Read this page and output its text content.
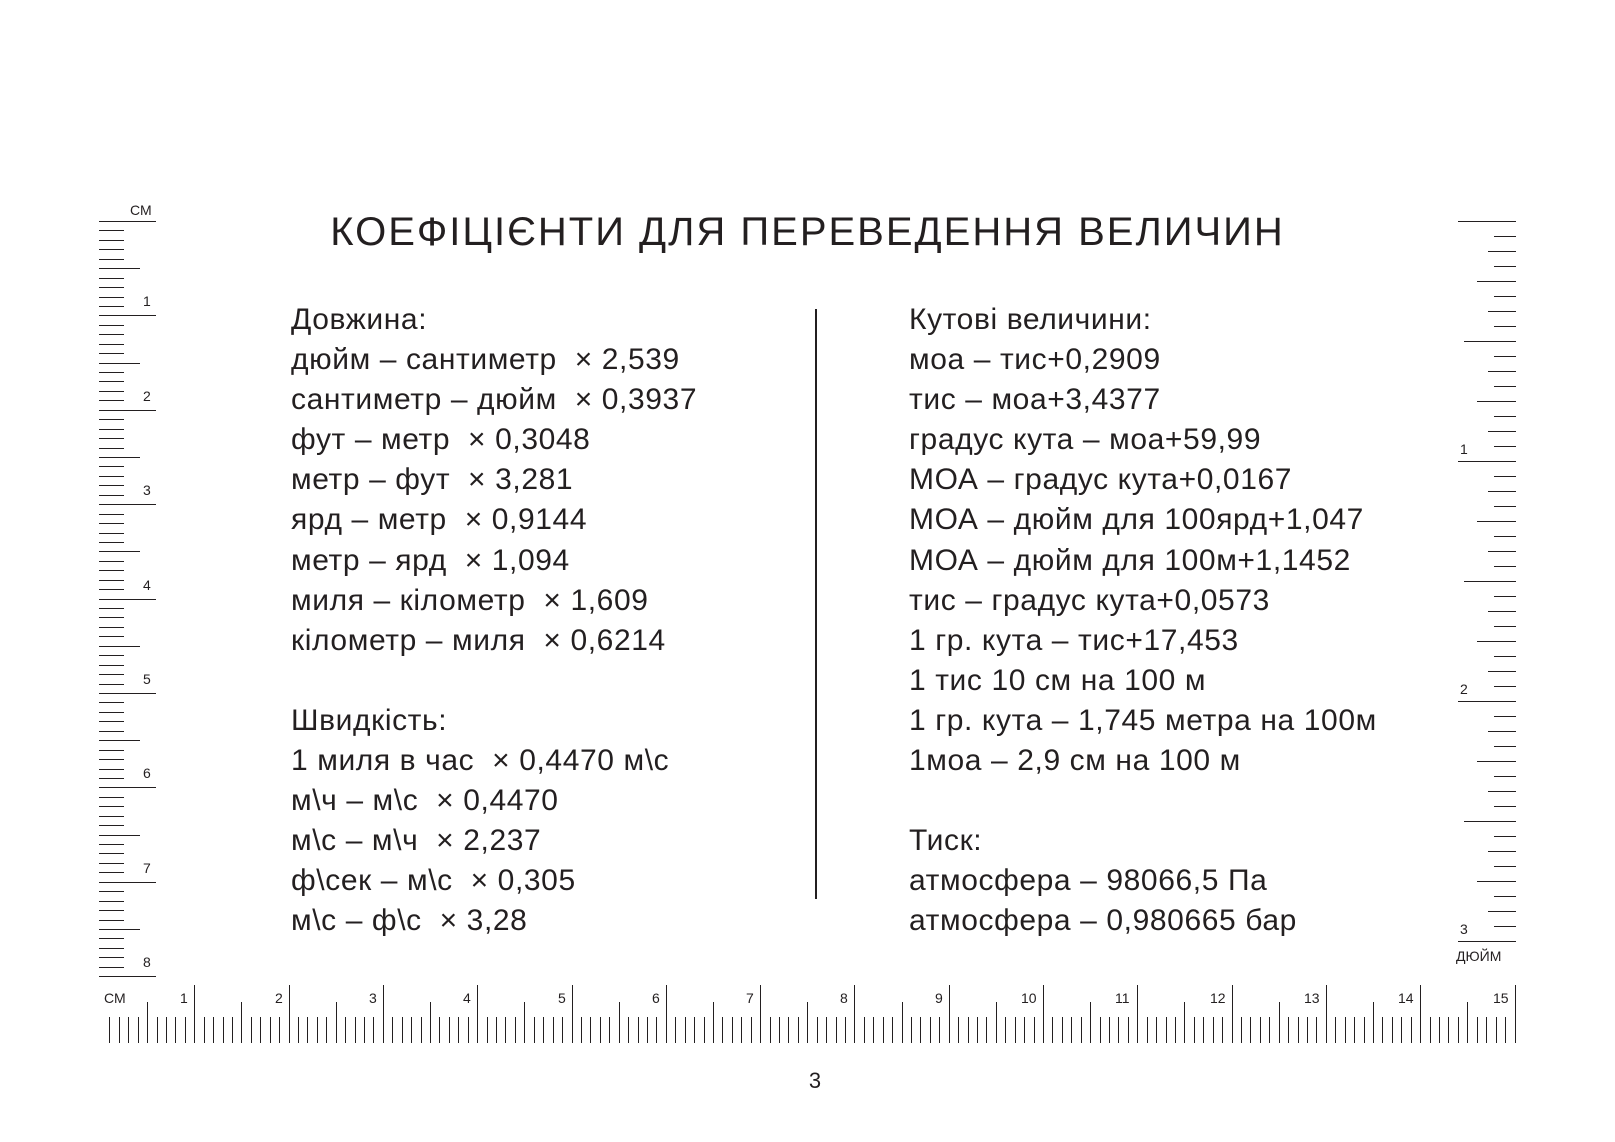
КОЕФІЦІЄНТИ ДЛЯ ПЕРЕВЕДЕННЯ ВЕЛИЧИН
Довжина:
дюйм – сантиметр  × 2,539
сантиметр – дюйм  × 0,3937
фут – метр  × 0,3048
метр – фут  × 3,281
ярд – метр  × 0,9144
метр – ярд  × 1,094
миля – кілометр  × 1,609
кілометр – миля  × 0,6214
Швидкість:
1 миля в час  × 0,4470 м\с
м\ч – м\с  × 0,4470
м\с – м\ч  × 2,237
ф\сек – м\с  × 0,305
м\с – ф\с  × 3,28
Кутові величини:
моа – тис+0,2909
тис – моа+3,4377
градус кута – моа+59,99
МОА – градус кута+0,0167
МОА – дюйм для 100ярд+1,047
МОА – дюйм для 100м+1,1452
тис – градус кута+0,0573
1 гр. кута – тис+17,453
1 тис 10 см на 100 м
1 гр. кута – 1,745 метра на 100м
1моа – 2,9 см на 100 м
Тиск:
атмосфера – 98066,5 Па
атмосфера – 0,980665 бар
3
СМ
СМ
ДЮЙМ
1
2
3
4
5
6
7
8
1	2	3	4	5	6	7	8	9	10	11	12	13	14	15
1
2
3
